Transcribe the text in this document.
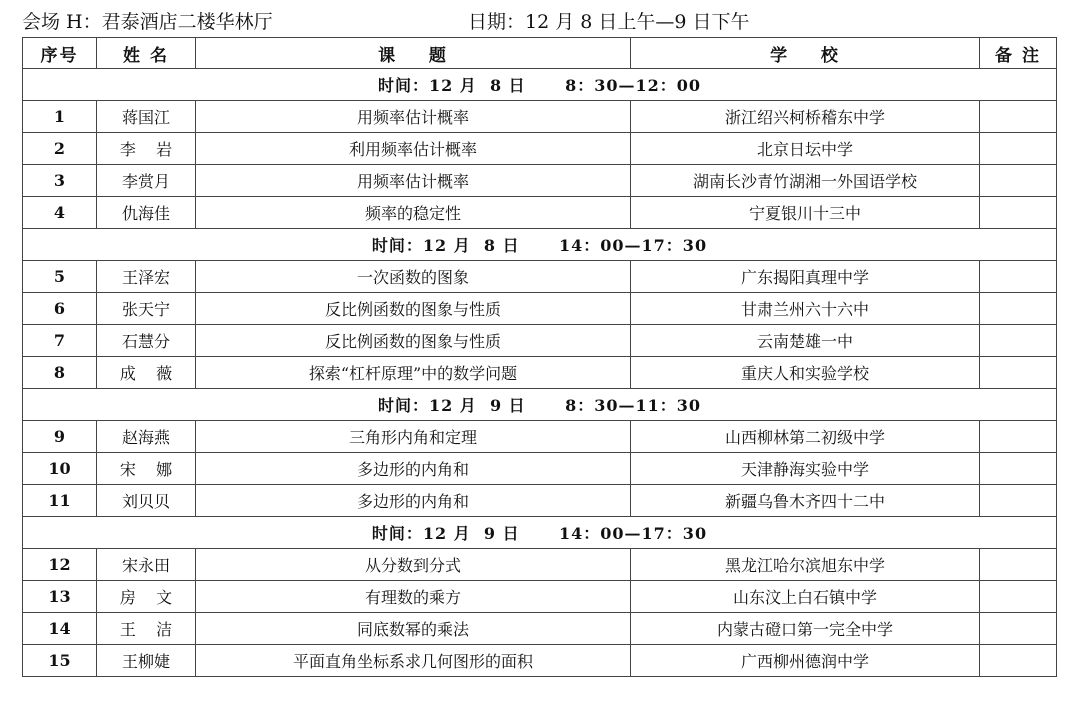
会场 H：君泰酒店二楼华林厅	日期：12 月 8 日上午—9 日下午
序号	姓 名	课    题	学    校	备 注
时间：12 月  8 日      8：30—12：00				
1	蒋国江	用频率估计概率	浙江绍兴柯桥稽东中学	
2	李    岩	利用频率估计概率	北京日坛中学	
3	李赏月	用频率估计概率	湖南长沙青竹湖湘一外国语学校	
4	仇海佳	频率的稳定性	宁夏银川十三中	
时间：12 月  8 日      14：00—17：30				
5	王泽宏	一次函数的图象	广东揭阳真理中学	
6	张天宁	反比例函数的图象与性质	甘肃兰州六十六中	
7	石慧分	反比例函数的图象与性质	云南楚雄一中	
8	成    薇	探索“杠杆原理”中的数学问题	重庆人和实验学校	
时间：12 月  9 日      8：30—11：30				
9	赵海燕	三角形内角和定理	山西柳林第二初级中学	
10	宋    娜	多边形的内角和	天津静海实验中学	
11	刘贝贝	多边形的内角和	新疆乌鲁木齐四十二中	
时间：12 月  9 日      14：00—17：30				
12	宋永田	从分数到分式	黑龙江哈尔滨旭东中学	
13	房    文	有理数的乘方	山东汶上白石镇中学	
14	王    洁	同底数幂的乘法	内蒙古磴口第一完全中学	
15	王柳婕	平面直角坐标系求几何图形的面积	广西柳州德润中学	
